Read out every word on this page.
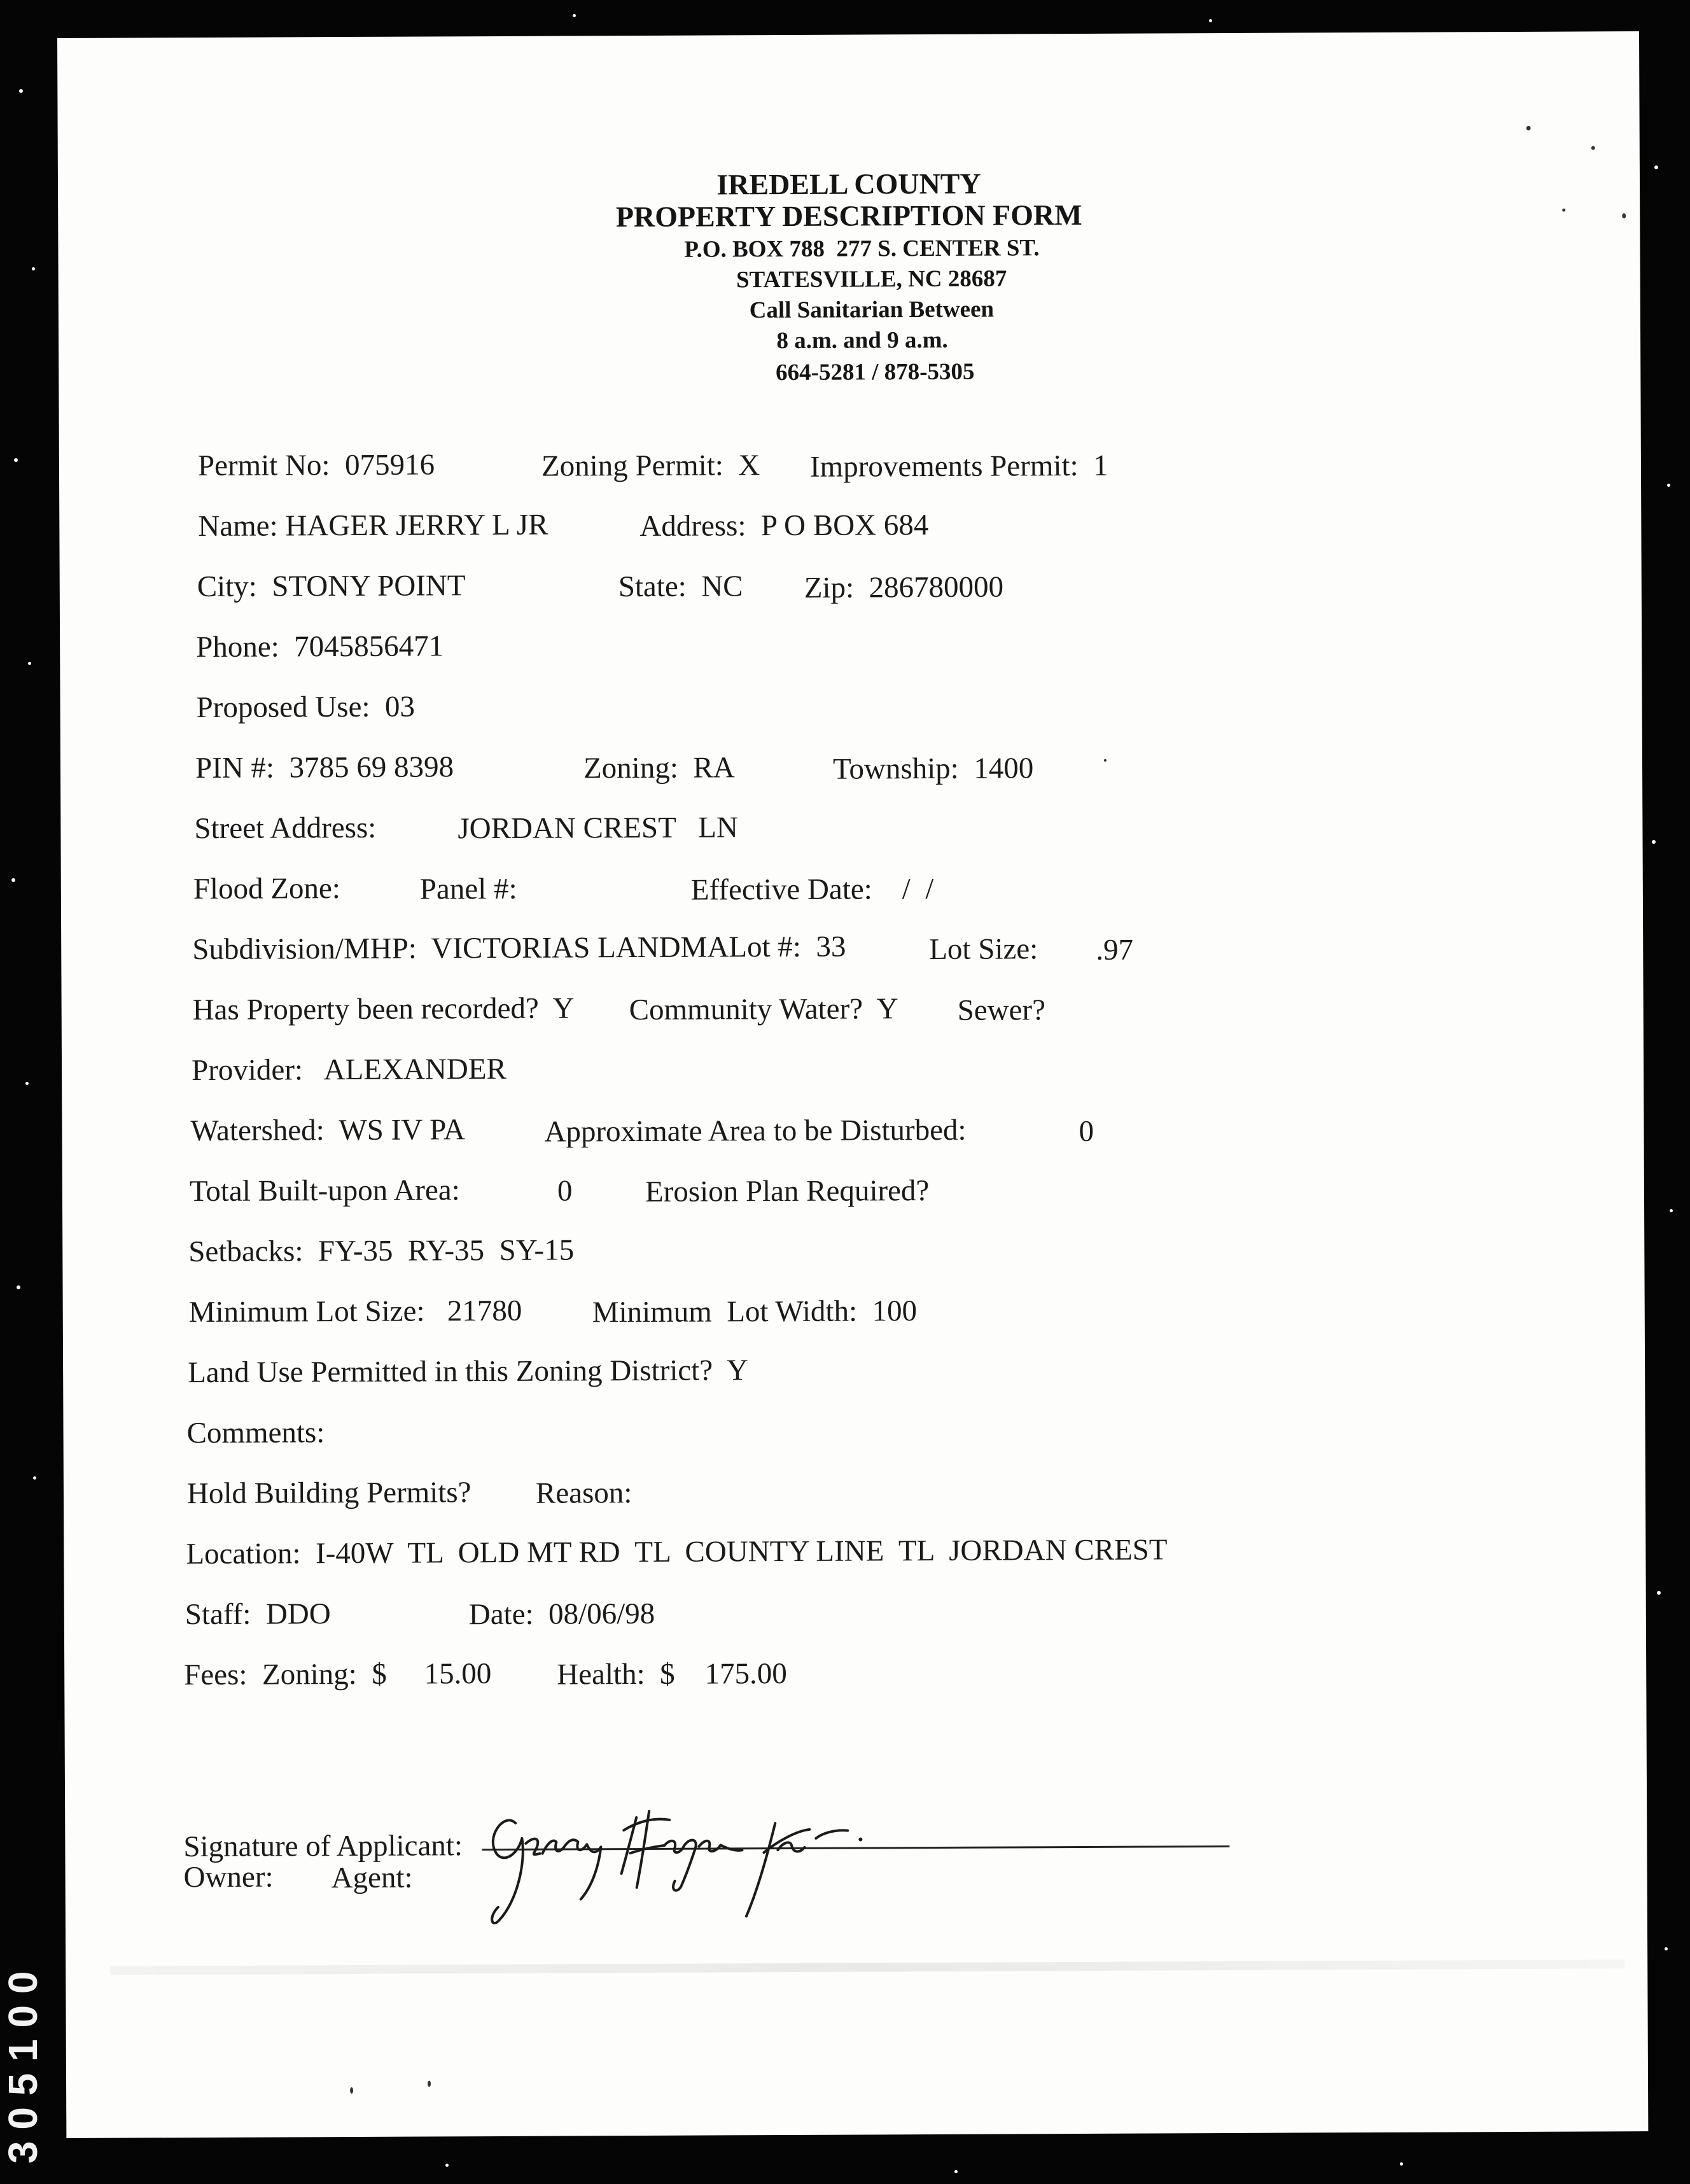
IREDELL COUNTY
PROPERTY DESCRIPTION FORM
P.O. BOX 788  277 S. CENTER ST.
STATESVILLE, NC 28687
Call Sanitarian Between
8 a.m. and 9 a.m.
664-5281 / 878-5305
Permit No:  075916	Zoning Permit:  X Improvements Permit:  1
Name: HAGER JERRY L JR	Address:  P O BOX 684
City:  STONY POINT	State:  NC Zip:  286780000
Phone:  7045856471
Proposed Use:  03
PIN #:  3785 69 8398	Zoning:  RA	Township:  1400
Street Address:	JORDAN CREST   LN
Flood Zone:	Panel #:	Effective Date:    /  /
Subdivision/MHP:  VICTORIAS LANDMALot #:  33	Lot Size: .97
Has Property been recorded?  Y Community Water?  Y Sewer?
Provider:   ALEXANDER
Watershed:  WS IV PA	Approximate Area to be Disturbed:	0
Total Built-upon Area:	0 Erosion Plan Required?
Setbacks:  FY-35  RY-35  SY-15
Minimum Lot Size:   21780 Minimum  Lot Width:  100
Land Use Permitted in this Zoning District?  Y
Comments:
Hold Building Permits? Reason:
Location:  I-40W  TL  OLD MT RD  TL  COUNTY LINE  TL  JORDAN CREST
Staff:  DDO	Date:  08/06/98
Fees:  Zoning:  $     15.00 Health:  $    175.00
Signature of Applicant:
Owner: Agent:
3 0 5 1 0 0
